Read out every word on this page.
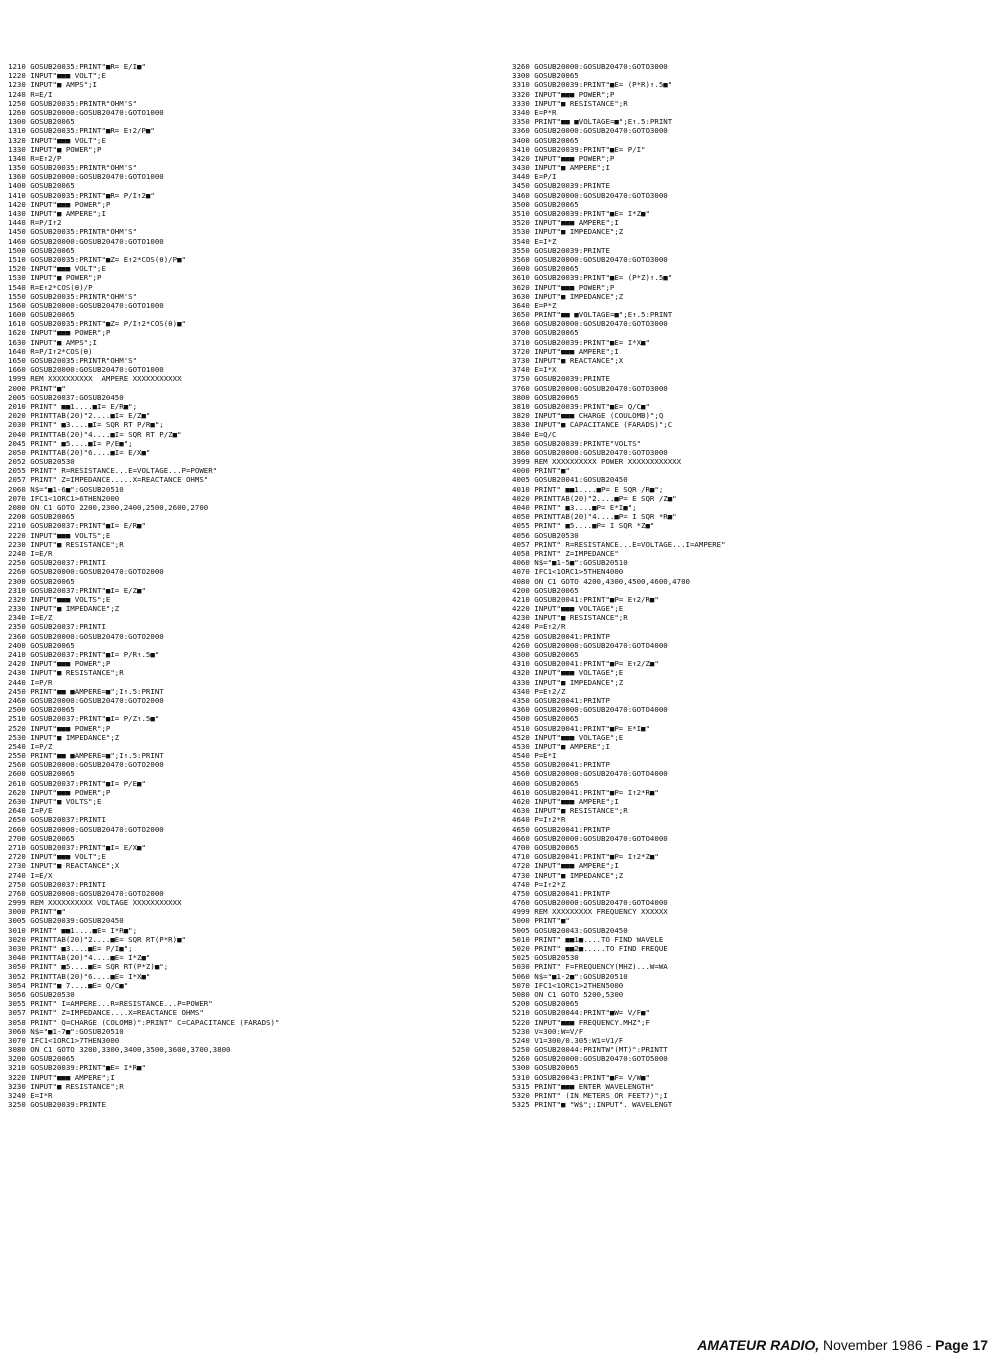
1210 GOSUB20035:PRINT"■R= E/I■"
1220 INPUT"■■■ VOLT";E
1230 INPUT"■ AMPS";I
1240 R=E/I
1250 GOSUB20035:PRINTR"OHM'S"
1260 GOSUB20000:GOSUB20470:GOTO1000
1300 GOSUB20065
1310 GOSUB20035:PRINT"■R= E↑2/P■"
1320 INPUT"■■■ VOLT";E
1330 INPUT"■ POWER";P
1340 R=E↑2/P
1350 GOSUB20035:PRINTR"OHM'S"
1360 GOSUB20000:GOSUB20470:GOTO1000
1400 GOSUB20065
1410 GOSUB20035:PRINT"■R= P/I↑2■"
1420 INPUT"■■■ POWER";P
1430 INPUT"■ AMPERE";I
1440 R=P/I↑2
1450 GOSUB20035:PRINTR"OHM'S"
1460 GOSUB20000:GOSUB20470:GOTO1000
1500 GOSUB20065
1510 GOSUB20035:PRINT"■Z= E↑2*COS(θ)/P■"
1520 INPUT"■■■ VOLT";E
1530 INPUT"■ POWER";P
1540 R=E↑2*COS(θ)/P
1550 GOSUB20035:PRINTR"OHM'S"
1560 GOSUB20000:GOSUB20470:GOTO1000
1600 GOSUB20065
1610 GOSUB20035:PRINT"■Z= P/I↑2*COS(θ)■"
1620 INPUT"■■■ POWER";P
1630 INPUT"■ AMPS";I
1640 R=P/I↑2*COS(θ)
1650 GOSUB20035:PRINTR"OHM'S"
1660 GOSUB20000:GOSUB20470:GOTO1000
1999 REM XXXXXXXXXX  AMPERE XXXXXXXXXXX
2000 PRINT"■"
2005 GOSUB20037:GOSUB20450
2010 PRINT" ■■1....■I= E/R■";
2020 PRINTTAB(20)"2....■I= E/Z■"
2030 PRINT" ■3....■I= SQR RT P/R■";
2040 PRINTTAB(20)"4....■I= SQR RT P/Z■"
2045 PRINT" ■5....■I= P/E■";
2050 PRINTTAB(20)"6....■I= E/X■"
2052 GOSUB20530
2055 PRINT" R=RESISTANCE...E=VOLTAGE...P=POWER"
2057 PRINT" Z=IMPEDANCE.....X=REACTANCE OHMS"
2060 N$="■1-6■":GOSUB20510
2070 IFC1<1ORC1>6THEN2000
2080 ON C1 GOTO 2200,2300,2400,2500,2600,2700
2200 GOSUB20065
2210 GOSUB20037:PRINT"■I= E/R■"
2220 INPUT"■■■ VOLTS";E
2230 INPUT"■ RESISTANCE";R
2240 I=E/R
2250 GOSUB20037:PRINTI
2260 GOSUB20000:GOSUB20470:GOTO2000
2300 GOSUB20065
2310 GOSUB20037:PRINT"■I= E/Z■"
2320 INPUT"■■■ VOLTS";E
2330 INPUT"■ IMPEDANCE";Z
2340 I=E/Z
2350 GOSUB20037:PRINTI
2360 GOSUB20000:GOSUB20470:GOTO2000
2400 GOSUB20065
2410 GOSUB20037:PRINT"■I= P/R↑.5■"
2420 INPUT"■■■ POWER";P
2430 INPUT"■ RESISTANCE";R
2440 I=P/R
2450 PRINT"■■ ■AMPERE=■";I↑.5:PRINT
2460 GOSUB20000:GOSUB20470:GOTO2000
2500 GOSUB20065
2510 GOSUB20037:PRINT"■I= P/Z↑.5■"
2520 INPUT"■■■ POWER";P
2530 INPUT"■ IMPEDANCE";Z
2540 I=P/Z
2550 PRINT"■■ ■AMPERE=■";I↑.5:PRINT
2560 GOSUB20000:GOSUB20470:GOTO2000
2600 GOSUB20065
2610 GOSUB20037:PRINT"■I= P/E■"
2620 INPUT"■■■ POWER";P
2630 INPUT"■ VOLTS";E
2640 I=P/E
2650 GOSUB20037:PRINTI
2660 GOSUB20000:GOSUB20470:GOTO2000
2700 GOSUB20065
2710 GOSUB20037:PRINT"■I= E/X■"
2720 INPUT"■■■ VOLT";E
2730 INPUT"■ REACTANCE";X
2740 I=E/X
2750 GOSUB20037:PRINTI
2760 GOSUB20000:GOSUB20470:GOTO2000
2999 REM XXXXXXXXXX VOLTAGE XXXXXXXXXXX
3000 PRINT"■"
3005 GOSUB20039:GOSUB20450
3010 PRINT" ■■1....■E= I*R■";
3020 PRINTTAB(20)"2....■E= SQR RT(P*R)■"
3030 PRINT" ■3....■E= P/I■";
3040 PRINTTAB(20)"4....■E= I*Z■"
3050 PRINT" ■5....■E= SQR RT(P*Z)■";
3052 PRINTTAB(20)"6....■E= I*X■"
3054 PRINT"■ 7....■E= Q/C■"
3056 GOSUB20530
3055 PRINT" I=AMPERE...R=RESISTANCE...P=POWER"
3057 PRINT" Z=IMPEDANCE....X=REACTANCE OHMS"
3058 PRINT" Q=CHARGE (COLOMB)":PRINT" C=CAPACITANCE (FARADS)"
3060 N$="■1-7■":GOSUB20510
3070 IFC1<1ORC1>7THEN3000
3080 ON C1 GOTO 3200,3300,3400,3500,3600,3700,3800
3200 GOSUB20065
3210 GOSUB20039:PRINT"■E= I*R■"
3220 INPUT"■■■ AMPERE";I
3230 INPUT"■ RESISTANCE";R
3240 E=I*R
3250 GOSUB20039:PRINTE
3260 GOSUB20000:GOSUB20470:GOTO3000
3300 GOSUB20065
3310 GOSUB20039:PRINT"■E= (P*R)↑.5■"
3320 INPUT"■■■ POWER";P
3330 INPUT"■ RESISTANCE";R
3340 E=P*R
3350 PRINT"■■ ■VOLTAGE=■";E↑.5:PRINT
3360 GOSUB20000:GOSUB20470:GOTO3000
3400 GOSUB20065
3410 GOSUB20039:PRINT"■E= P/I"
3420 INPUT"■■■ POWER";P
3430 INPUT"■ AMPERE";I
3440 E=P/I
3450 GOSUB20039:PRINTE
3460 GOSUB20000:GOSUB20470:GOTO3000
3500 GOSUB20065
3510 GOSUB20039:PRINT"■E= I*Z■"
3520 INPUT"■■■ AMPERE";I
3530 INPUT"■ IMPEDANCE";Z
3540 E=I*Z
3550 GOSUB20039:PRINTE
3560 GOSUB20000:GOSUB20470:GOTO3000
3600 GOSUB20065
3610 GOSUB20039:PRINT"■E= (P*Z)↑.5■"
3620 INPUT"■■■ POWER";P
3630 INPUT"■ IMPEDANCE";Z
3640 E=P*Z
3650 PRINT"■■ ■VOLTAGE=■";E↑.5:PRINT
3660 GOSUB20000:GOSUB20470:GOTO3000
3700 GOSUB20065
3710 GOSUB20039:PRINT"■E= I*X■"
3720 INPUT"■■■ AMPERE";I
3730 INPUT"■ REACTANCE";X
3740 E=I*X
3750 GOSUB20039:PRINTE
3760 GOSUB20000:GOSUB20470:GOTO3000
3800 GOSUB20065
3810 GOSUB20039:PRINT"■E= Q/C■"
3820 INPUT"■■■ CHARGE (COULOMB)";Q
3830 INPUT"■ CAPACITANCE (FARADS)";C
3840 E=Q/C
3850 GOSUB20039:PRINTE"VOLTS"
3860 GOSUB20000:GOSUB20470:GOTO3000
3999 REM XXXXXXXXXX POWER XXXXXXXXXXXX
4000 PRINT"■"
4005 GOSUB20041:GOSUB20450
4010 PRINT" ■■1....■P= E SQR /R■";
4020 PRINTTAB(20)"2....■P= E SQR /Z■"
4040 PRINT" ■3....■P= E*I■";
4050 PRINTTAB(20)"4....■P= I SQR *R■"
4055 PRINT" ■5....■P= I SQR *Z■"
4056 GOSUB20530
4057 PRINT" R=RESISTANCE...E=VOLTAGE...I=AMPERE"
4058 PRINT" Z=IMPEDANCE"
4060 N$="■1-5■":GOSUB20510
4070 IFC1<1ORC1>5THEN4000
4080 ON C1 GOTO 4200,4300,4500,4600,4700
4200 GOSUB20065
4210 GOSUB20041:PRINT"■P= E↑2/R■"
4220 INPUT"■■■ VOLTAGE";E
4230 INPUT"■ RESISTANCE";R
4240 P=E↑2/R
4250 GOSUB20041:PRINTP
4260 GOSUB20000:GOSUB20470:GOTO4000
4300 GOSUB20065
4310 GOSUB20041:PRINT"■P= E↑2/Z■"
4320 INPUT"■■■ VOLTAGE";E
4330 INPUT"■ IMPEDANCE";Z
4340 P=E↑2/Z
4350 GOSUB20041:PRINTP
4360 GOSUB20000:GOSUB20470:GOTO4000
4500 GOSUB20065
4510 GOSUB20041:PRINT"■P= E*I■"
4520 INPUT"■■■ VOLTAGE";E
4530 INPUT"■ AMPERE";I
4540 P=E*I
4550 GOSUB20041:PRINTP
4560 GOSUB20000:GOSUB20470:GOTO4000
4600 GOSUB20065
4610 GOSUB20041:PRINT"■P= I↑2*R■"
4620 INPUT"■■■ AMPERE";I
4630 INPUT"■ RESISTANCE";R
4640 P=I↑2*R
4650 GOSUB20041:PRINTP
4660 GOSUB20000:GOSUB20470:GOTO4000
4700 GOSUB20065
4710 GOSUB20041:PRINT"■P= I↑2*Z■"
4720 INPUT"■■■ AMPERE";I
4730 INPUT"■ IMPEDANCE";Z
4740 P=I↑2*Z
4750 GOSUB20041:PRINTP
4760 GOSUB20000:GOSUB20470:GOTO4000
4999 REM XXXXXXXXX FREQUENCY XXXXXX
5000 PRINT"■"
5005 GOSUB20043:GOSUB20450
5010 PRINT" ■■1■....TO FIND WAVELE
5020 PRINT" ■■2■.....TO FIND FREQUE
5025 GOSUB20530
5030 PRINT" F=FREQUENCY(MHZ)...W=WA
5060 N$="■1-2■":GOSUB20510
5070 IFC1<1ORC1>2THEN5000
5080 ON C1 GOTO 5200,5300
5200 GOSUB20065
5210 GOSUB20044:PRINT"■W= V/F■"
5220 INPUT"■■■ FREQUENCY.MHZ";F
5230 V=300:W=V/F
5240 V1=300/0.305:W1=V1/F
5250 GOSUB20044:PRINTW"(MT)":PRINTT
5260 GOSUB20000:GOSUB20470:GOTO5000
5300 GOSUB20065
5310 GOSUB20043:PRINT"■F= V/W■"
5315 PRINT"■■■ ENTER WAVELENGTH"
5320 PRINT" (IN METERS OR FEET?)";I
5325 PRINT"■ "W$";:INPUT". WAVELENGT
AMATEUR RADIO, November 1986 - Page 17
